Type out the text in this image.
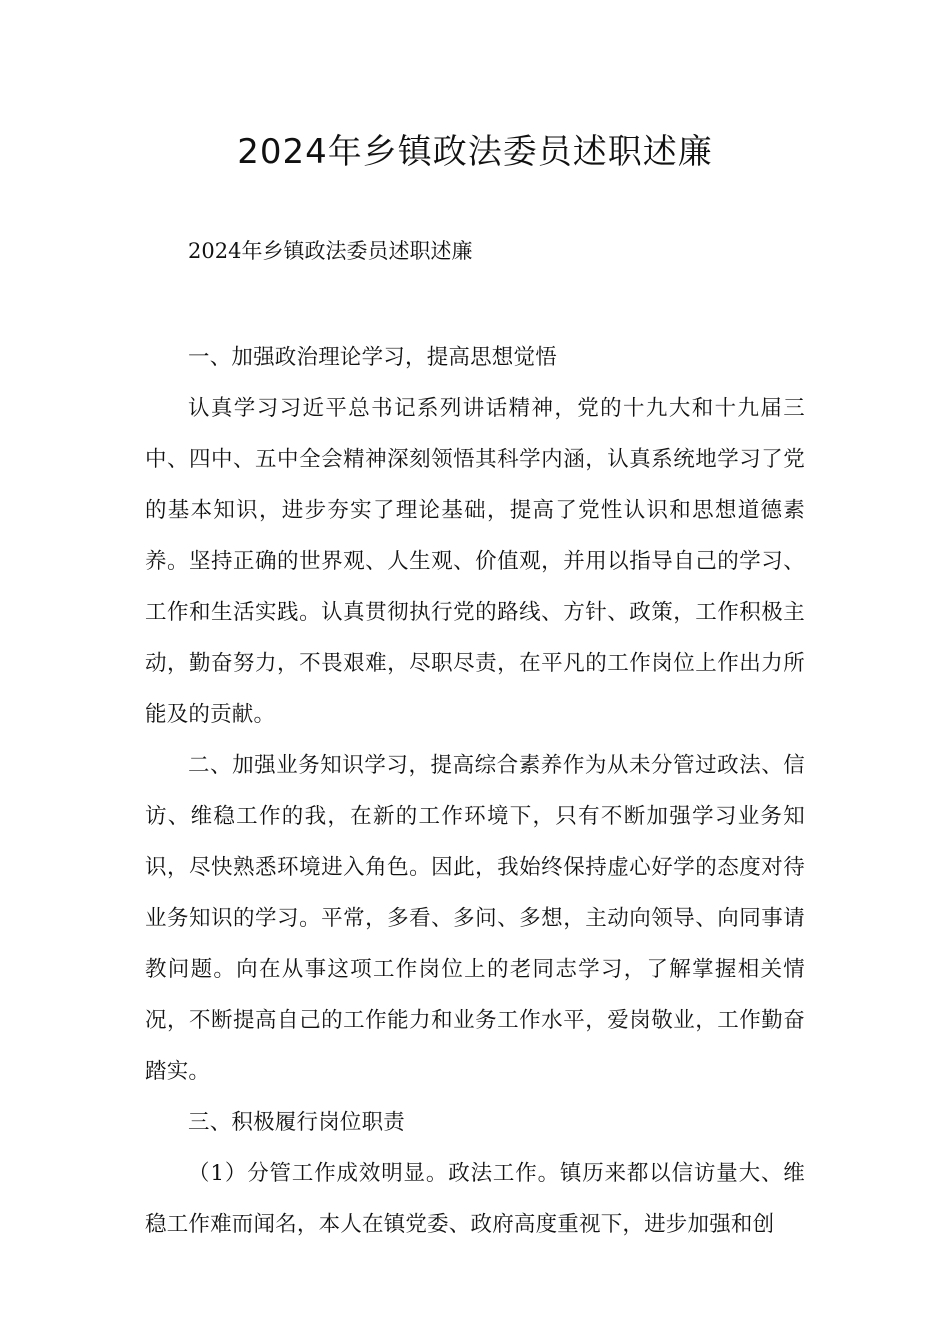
2024年乡镇政法委员述职述廉
2024年乡镇政法委员述职述廉

一、加强政治理论学习，提高思想觉悟

认真学习习近平总书记系列讲话精神，党的十九大和十九届三中、四中、五中全会精神深刻领悟其科学内涵，认真系统地学习了党的基本知识，进步夯实了理论基础，提高了党性认识和思想道德素养。坚持正确的世界观、人生观、价值观，并用以指导自己的学习、工作和生活实践。认真贯彻执行党的路线、方针、政策，工作积极主动，勤奋努力，不畏艰难，尽职尽责，在平凡的工作岗位上作出力所能及的贡献。

二、加强业务知识学习，提高综合素养作为从未分管过政法、信访、维稳工作的我，在新的工作环境下，只有不断加强学习业务知识，尽快熟悉环境进入角色。因此，我始终保持虚心好学的态度对待业务知识的学习。平常，多看、多问、多想，主动向领导、向同事请教问题。向在从事这项工作岗位上的老同志学习，了解掌握相关情况，不断提高自己的工作能力和业务工作水平，爱岗敬业，工作勤奋踏实。

三、积极履行岗位职责

（1）分管工作成效明显。政法工作。镇历来都以信访量大、维稳工作难而闻名，本人在镇党委、政府高度重视下，进步加强和创
